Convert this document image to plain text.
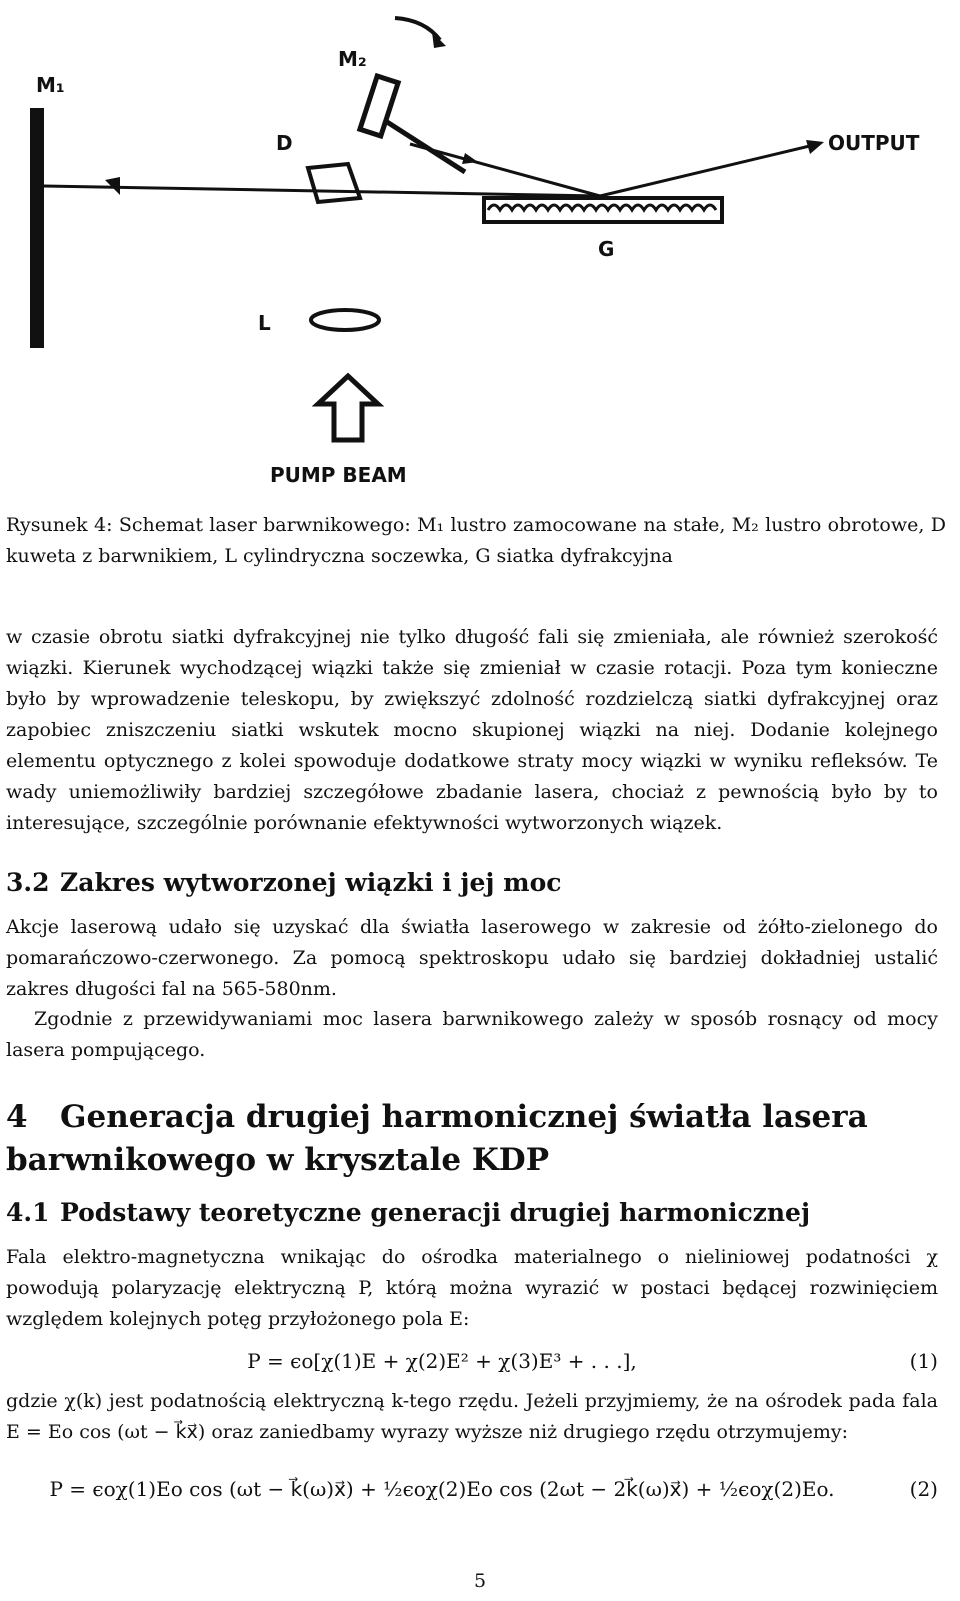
M₁
M₂
D	OUTPUT
G
L
PUMP BEAM
Rysunek 4: Schemat laser barwnikowego: M₁ lustro zamocowane na stałe, M₂ lustro obrotowe, D kuweta z barwnikiem, L cylindryczna soczewka, G siatka dyfrakcyjna

w czasie obrotu siatki dyfrakcyjnej nie tylko długość fali się zmieniała, ale również szerokość wiązki. Kierunek wychodzącej wiązki także się zmieniał w czasie rotacji. Poza tym konieczne było by wprowadzenie teleskopu, by zwiększyć zdolność rozdzielczą siatki dyfrakcyjnej oraz zapobiec zniszczeniu siatki wskutek mocno skupionej wiązki na niej. Dodanie kolejnego elementu optycznego z kolei spowoduje dodatkowe straty mocy wiązki w wyniku refleksów. Te wady uniemożliwiły bardziej szczegółowe zbadanie lasera, chociaż z pewnością było by to interesujące, szczególnie porównanie efektywności wytworzonych wiązek.

3.2 Zakres wytworzonej wiązki i jej moc

Akcje laserową udało się uzyskać dla światła laserowego w zakresie od żółto-zielonego do pomarańczowo-czerwonego. Za pomocą spektroskopu udało się bardziej dokładniej ustalić zakres długości fal na 565-580nm.

Zgodnie z przewidywaniami moc lasera barwnikowego zależy w sposób rosnący od mocy lasera pompującego.

4 Generacja drugiej harmonicznej światła lasera barwnikowego w krysztale KDP
4.1 Podstawy teoretyczne generacji drugiej harmonicznej

Fala elektro-magnetyczna wnikając do ośrodka materialnego o nieliniowej podatności χ powodują polaryzację elektryczną P, którą można wyrazić w postaci będącej rozwinięciem względem kolejnych potęg przyłożonego pola E:

P = ϵo[χ(1)E + χ(2)E² + χ(3)E³ + . . .],	(1)

gdzie χ(k) jest podatnością elektryczną k-tego rzędu. Jeżeli przyjmiemy, że na ośrodek pada fala E = Eo cos (ωt − k⃗x⃗) oraz zaniedbamy wyrazy wyższe niż drugiego rzędu otrzymujemy:

P = ϵoχ(1)Eo cos (ωt − k⃗(ω)x⃗) + ½ϵoχ(2)Eo cos (2ωt − 2k⃗(ω)x⃗) + ½ϵoχ(2)Eo.	(2)
5
